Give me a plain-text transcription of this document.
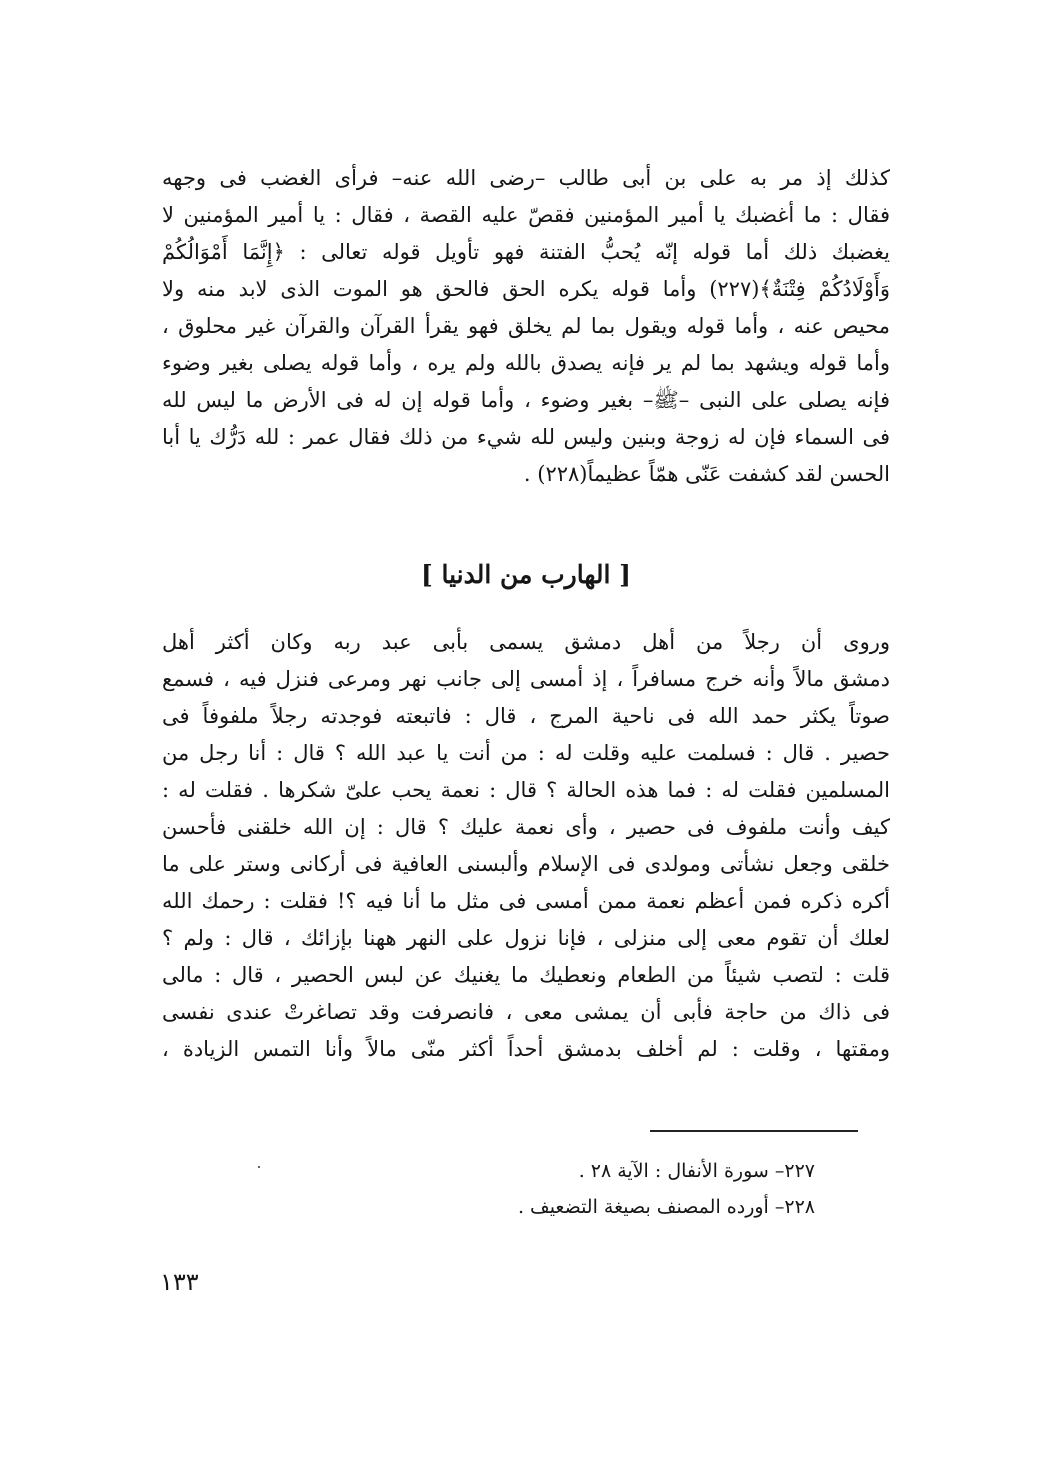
كذلك إذ مر به على بن أبى طالب –رضى الله عنه– فرأى الغضب فى وجهه
فقال : ما أغضبك يا أمير المؤمنين فقصّ عليه القصة ، فقال : يا أمير المؤمنين لا
يغضبك ذلك أما قوله إنّه يُحبُّ الفتنة فهو تأويل قوله تعالى : ﴿إِنَّمَا أَمْوَالُكُمْ
وَأَوْلَادُكُمْ فِتْنَةٌ﴾(٢٢٧) وأما قوله يكره الحق فالحق هو الموت الذى لابد منه ولا
محيص عنه ، وأما قوله ويقول بما لم يخلق فهو يقرأ القرآن والقرآن غير محلوق ،
وأما قوله ويشهد بما لم ير فإنه يصدق بالله ولم يره ، وأما قوله يصلى بغير وضوء
فإنه يصلى على النبى –ﷺ– بغير وضوء ، وأما قوله إن له فى الأرض ما ليس لله
فى السماء فإن له زوجة وبنين وليس لله شيء من ذلك فقال عمر : لله دَرُّك يا أبا
الحسن لقد كشفت عَنّى همّاً عظيماً(٢٢٨) .
[ الهارب من الدنيا ]
وروى أن رجلاً من أهل دمشق يسمى بأبى عبد ربه وكان أكثر أهل
دمشق مالاً وأنه خرج مسافراً ، إذ أمسى إلى جانب نهر ومرعى فنزل فيه ، فسمع
صوتاً يكثر حمد الله فى ناحية المرج ، قال : فاتبعته فوجدته رجلاً ملفوفاً فى
حصير . قال : فسلمت عليه وقلت له : من أنت يا عبد الله ؟ قال : أنا رجل من
المسلمين فقلت له : فما هذه الحالة ؟ قال : نعمة يحب علىّ شكرها . فقلت له :
كيف وأنت ملفوف فى حصير ، وأى نعمة عليك ؟ قال : إن الله خلقنى فأحسن
خلقى وجعل نشأتى ومولدى فى الإسلام وألبسنى العافية فى أركانى وستر على ما
أكره ذكره فمن أعظم نعمة ممن أمسى فى مثل ما أنا فيه ؟! فقلت : رحمك الله
لعلك أن تقوم معى إلى منزلى ، فإنا نزول على النهر ههنا بإزائك ، قال : ولم ؟
قلت : لتصب شيئاً من الطعام ونعطيك ما يغنيك عن لبس الحصير ، قال : مالى
فى ذاك من حاجة فأبى أن يمشى معى ، فانصرفت وقد تصاغرتْ عندى نفسى
ومقتها ، وقلت : لم أخلف بدمشق أحداً أكثر منّى مالاً وأنا التمس الزيادة ،
٢٢٧– سورة الأنفال : الآية ٢٨ .
٢٢٨– أورده المصنف بصيغة التضعيف .
١٣٣
